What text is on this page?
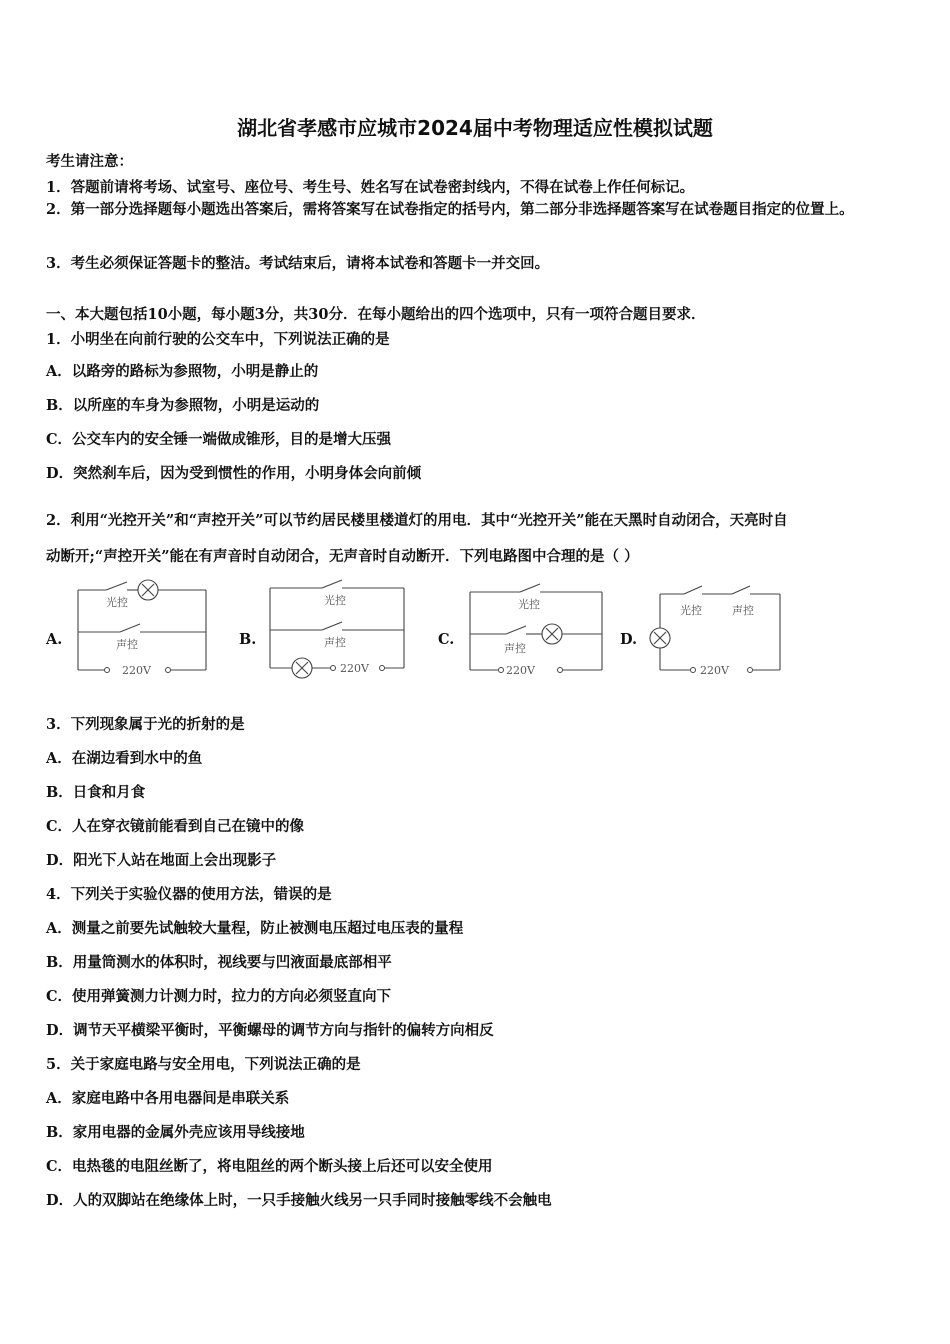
湖北省孝感市应城市2024届中考物理适应性模拟试题
考生请注意：
1．答题前请将考场、试室号、座位号、考生号、姓名写在试卷密封线内，不得在试卷上作任何标记。
2．第一部分选择题每小题选出答案后，需将答案写在试卷指定的括号内，第二部分非选择题答案写在试卷题目指定的位置上。
3．考生必须保证答题卡的整洁。考试结束后，请将本试卷和答题卡一并交回。
一、本大题包括10小题，每小题3分，共30分．在每小题给出的四个选项中，只有一项符合题目要求．
1．小明坐在向前行驶的公交车中，下列说法正确的是
A．以路旁的路标为参照物，小明是静止的
B．以所座的车身为参照物，小明是运动的
C．公交车内的安全锤一端做成锥形，目的是增大压强
D．突然刹车后，因为受到惯性的作用，小明身体会向前倾
2．利用“光控开关”和“声控开关”可以节约居民楼里楼道灯的用电．其中“光控开关”能在天黑时自动闭合，天亮时自
动断开;“声控开关”能在有声音时自动闭合，无声音时自动断开．下列电路图中合理的是（ ）
A.
光控
声控
220V
B.
光控
声控
220V
C.
光控
声控
220V
D.
光控	声控
220V
3．下列现象属于光的折射的是
A．在湖边看到水中的鱼
B．日食和月食
C．人在穿衣镜前能看到自己在镜中的像
D．阳光下人站在地面上会出现影子
4．下列关于实验仪器的使用方法，错误的是
A．测量之前要先试触较大量程，防止被测电压超过电压表的量程
B．用量筒测水的体积时，视线要与凹液面最底部相平
C．使用弹簧测力计测力时，拉力的方向必须竖直向下
D．调节天平横梁平衡时，平衡螺母的调节方向与指针的偏转方向相反
5．关于家庭电路与安全用电，下列说法正确的是
A．家庭电路中各用电器间是串联关系
B．家用电器的金属外壳应该用导线接地
C．电热毯的电阻丝断了，将电阻丝的两个断头接上后还可以安全使用
D．人的双脚站在绝缘体上时，一只手接触火线另一只手同时接触零线不会触电
